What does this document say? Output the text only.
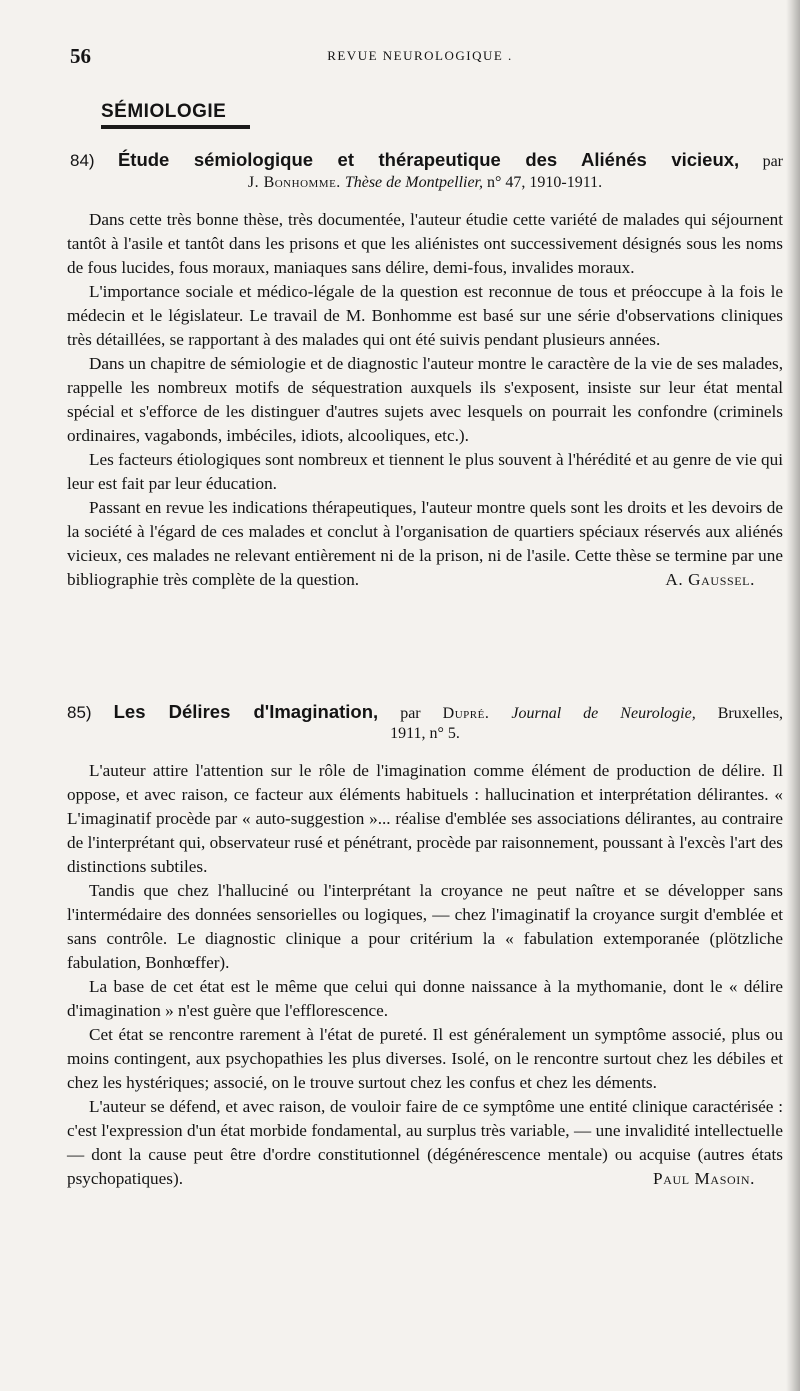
56	REVUE NEUROLOGIQUE .
SÉMIOLOGIE
84) Étude sémiologique et thérapeutique des Aliénés vicieux, par
J. Bonhomme. Thèse de Montpellier, n° 47, 1910-1911.

Dans cette très bonne thèse, très documentée, l'auteur étudie cette variété de malades qui séjournent tantôt à l'asile et tantôt dans les prisons et que les aliénistes ont successivement désignés sous les noms de fous lucides, fous moraux, maniaques sans délire, demi-fous, invalides moraux.

L'importance sociale et médico-légale de la question est reconnue de tous et préoccupe à la fois le médecin et le législateur. Le travail de M. Bonhomme est basé sur une série d'observations cliniques très détaillées, se rapportant à des malades qui ont été suivis pendant plusieurs années.

Dans un chapitre de sémiologie et de diagnostic l'auteur montre le caractère de la vie de ses malades, rappelle les nombreux motifs de séquestration auxquels ils s'exposent, insiste sur leur état mental spécial et s'efforce de les distinguer d'autres sujets avec lesquels on pourrait les confondre (criminels ordinaires, vagabonds, imbéciles, idiots, alcooliques, etc.).

Les facteurs étiologiques sont nombreux et tiennent le plus souvent à l'hérédité et au genre de vie qui leur est fait par leur éducation.

Passant en revue les indications thérapeutiques, l'auteur montre quels sont les droits et les devoirs de la société à l'égard de ces malades et conclut à l'organisation de quartiers spéciaux réservés aux aliénés vicieux, ces malades ne relevant entièrement ni de la prison, ni de l'asile. Cette thèse se termine par une bibliographie très complète de la question.	A. Gaussel.
85) Les Délires d'Imagination, par Dupré. Journal de Neurologie, Bruxelles,
1911, n° 5.

L'auteur attire l'attention sur le rôle de l'imagination comme élément de production de délire. Il oppose, et avec raison, ce facteur aux éléments habituels : hallucination et interprétation délirantes. « L'imaginatif procède par « auto-suggestion »... réalise d'emblée ses associations délirantes, au contraire de l'interprétant qui, observateur rusé et pénétrant, procède par raisonnement, poussant à l'excès l'art des distinctions subtiles.

Tandis que chez l'halluciné ou l'interprétant la croyance ne peut naître et se développer sans l'intermédaire des données sensorielles ou logiques, — chez l'imaginatif la croyance surgit d'emblée et sans contrôle. Le diagnostic clinique a pour critérium la « fabulation extemporanée (plötzliche fabulation, Bonhœffer).

La base de cet état est le même que celui qui donne naissance à la mythomanie, dont le « délire d'imagination » n'est guère que l'efflorescence.

Cet état se rencontre rarement à l'état de pureté. Il est généralement un symptôme associé, plus ou moins contingent, aux psychopathies les plus diverses. Isolé, on le rencontre surtout chez les débiles et chez les hystériques; associé, on le trouve surtout chez les confus et chez les déments.

L'auteur se défend, et avec raison, de vouloir faire de ce symptôme une entité clinique caractérisée : c'est l'expression d'un état morbide fondamental, au surplus très variable, — une invalidité intellectuelle — dont la cause peut être d'ordre constitutionnel (dégénérescence mentale) ou acquise (autres états psychopatiques).	Paul Masoin.
